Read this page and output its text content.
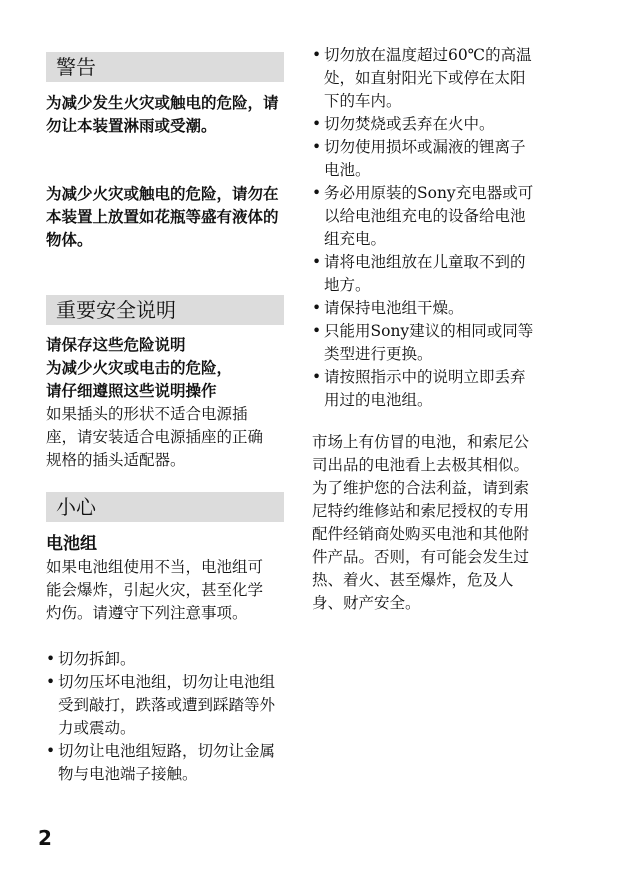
警告

为减少发生火灾或触电的危险，请勿让本装置淋雨或受潮。

为减少火灾或触电的危险，请勿在本装置上放置如花瓶等盛有液体的物体。

重要安全说明

请保存这些危险说明

为减少火灾或电击的危险，

请仔细遵照这些说明操作

如果插头的形状不适合电源插座，请安装适合电源插座的正确规格的插头适配器。

小心

电池组

如果电池组使用不当，电池组可能会爆炸，引起火灾，甚至化学灼伤。请遵守下列注意事项。

• 切勿拆卸。
• 切勿压坏电池组，切勿让电池组受到敲打，跌落或遭到踩踏等外力或震动。
• 切勿让电池组短路，切勿让金属物与电池端子接触。
• 切勿放在温度超过60℃的高温处，如直射阳光下或停在太阳下的车内。
• 切勿焚烧或丢弃在火中。
• 切勿使用损坏或漏液的锂离子电池。
• 务必用原装的Sony充电器或可以给电池组充电的设备给电池组充电。
• 请将电池组放在儿童取不到的地方。
• 请保持电池组干燥。
• 只能用Sony建议的相同或同等类型进行更换。
• 请按照指示中的说明立即丢弃用过的电池组。

市场上有仿冒的电池，和索尼公司出品的电池看上去极其相似。为了维护您的合法利益，请到索尼特约维修站和索尼授权的专用配件经销商处购买电池和其他附件产品。否则，有可能会发生过热、着火、甚至爆炸，危及人身、财产安全。

2
